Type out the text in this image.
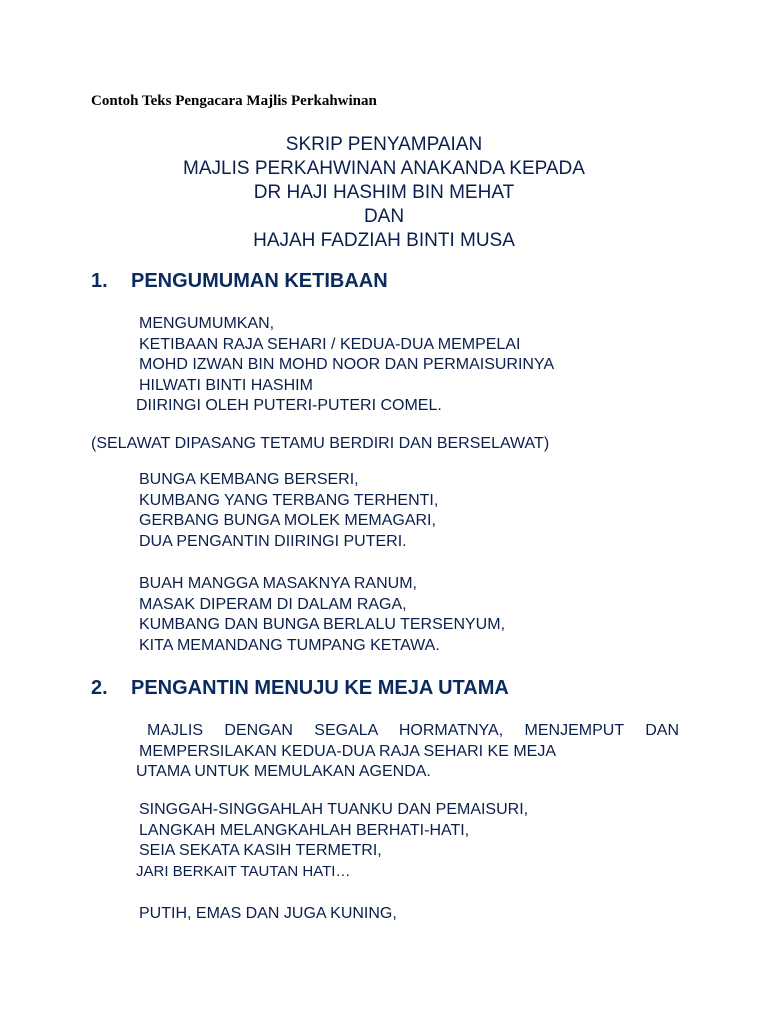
Contoh Teks Pengacara Majlis Perkahwinan
SKRIP PENYAMPAIAN
MAJLIS PERKAHWINAN ANAKANDA KEPADA
DR HAJI HASHIM BIN MEHAT
DAN
HAJAH FADZIAH BINTI MUSA
1. PENGUMUMAN KETIBAAN
MENGUMUMKAN,
KETIBAAN RAJA SEHARI / KEDUA-DUA MEMPELAI
MOHD IZWAN BIN MOHD NOOR DAN PERMAISURINYA
HILWATI BINTI HASHIM
DIIRINGI OLEH PUTERI-PUTERI COMEL.
(SELAWAT DIPASANG TETAMU BERDIRI DAN BERSELAWAT)
BUNGA KEMBANG BERSERI,
KUMBANG YANG TERBANG TERHENTI,
GERBANG BUNGA MOLEK MEMAGARI,
DUA PENGANTIN DIIRINGI PUTERI.
BUAH MANGGA MASAKNYA RANUM,
MASAK DIPERAM DI DALAM RAGA,
KUMBANG DAN BUNGA BERLALU TERSENYUM,
KITA MEMANDANG TUMPANG KETAWA.
2. PENGANTIN MENUJU KE MEJA UTAMA
MAJLIS DENGAN SEGALA HORMATNYA, MENJEMPUT DAN
MEMPERSILAKAN KEDUA-DUA RAJA SEHARI KE MEJA
UTAMA UNTUK MEMULAKAN AGENDA.
SINGGAH-SINGGAHLAH TUANKU DAN PEMAISURI,
LANGKAH MELANGKAHLAH BERHATI-HATI,
SEIA SEKATA KASIH TERMETRI,
JARI BERKAIT TAUTAN HATI…
PUTIH, EMAS DAN JUGA KUNING,
